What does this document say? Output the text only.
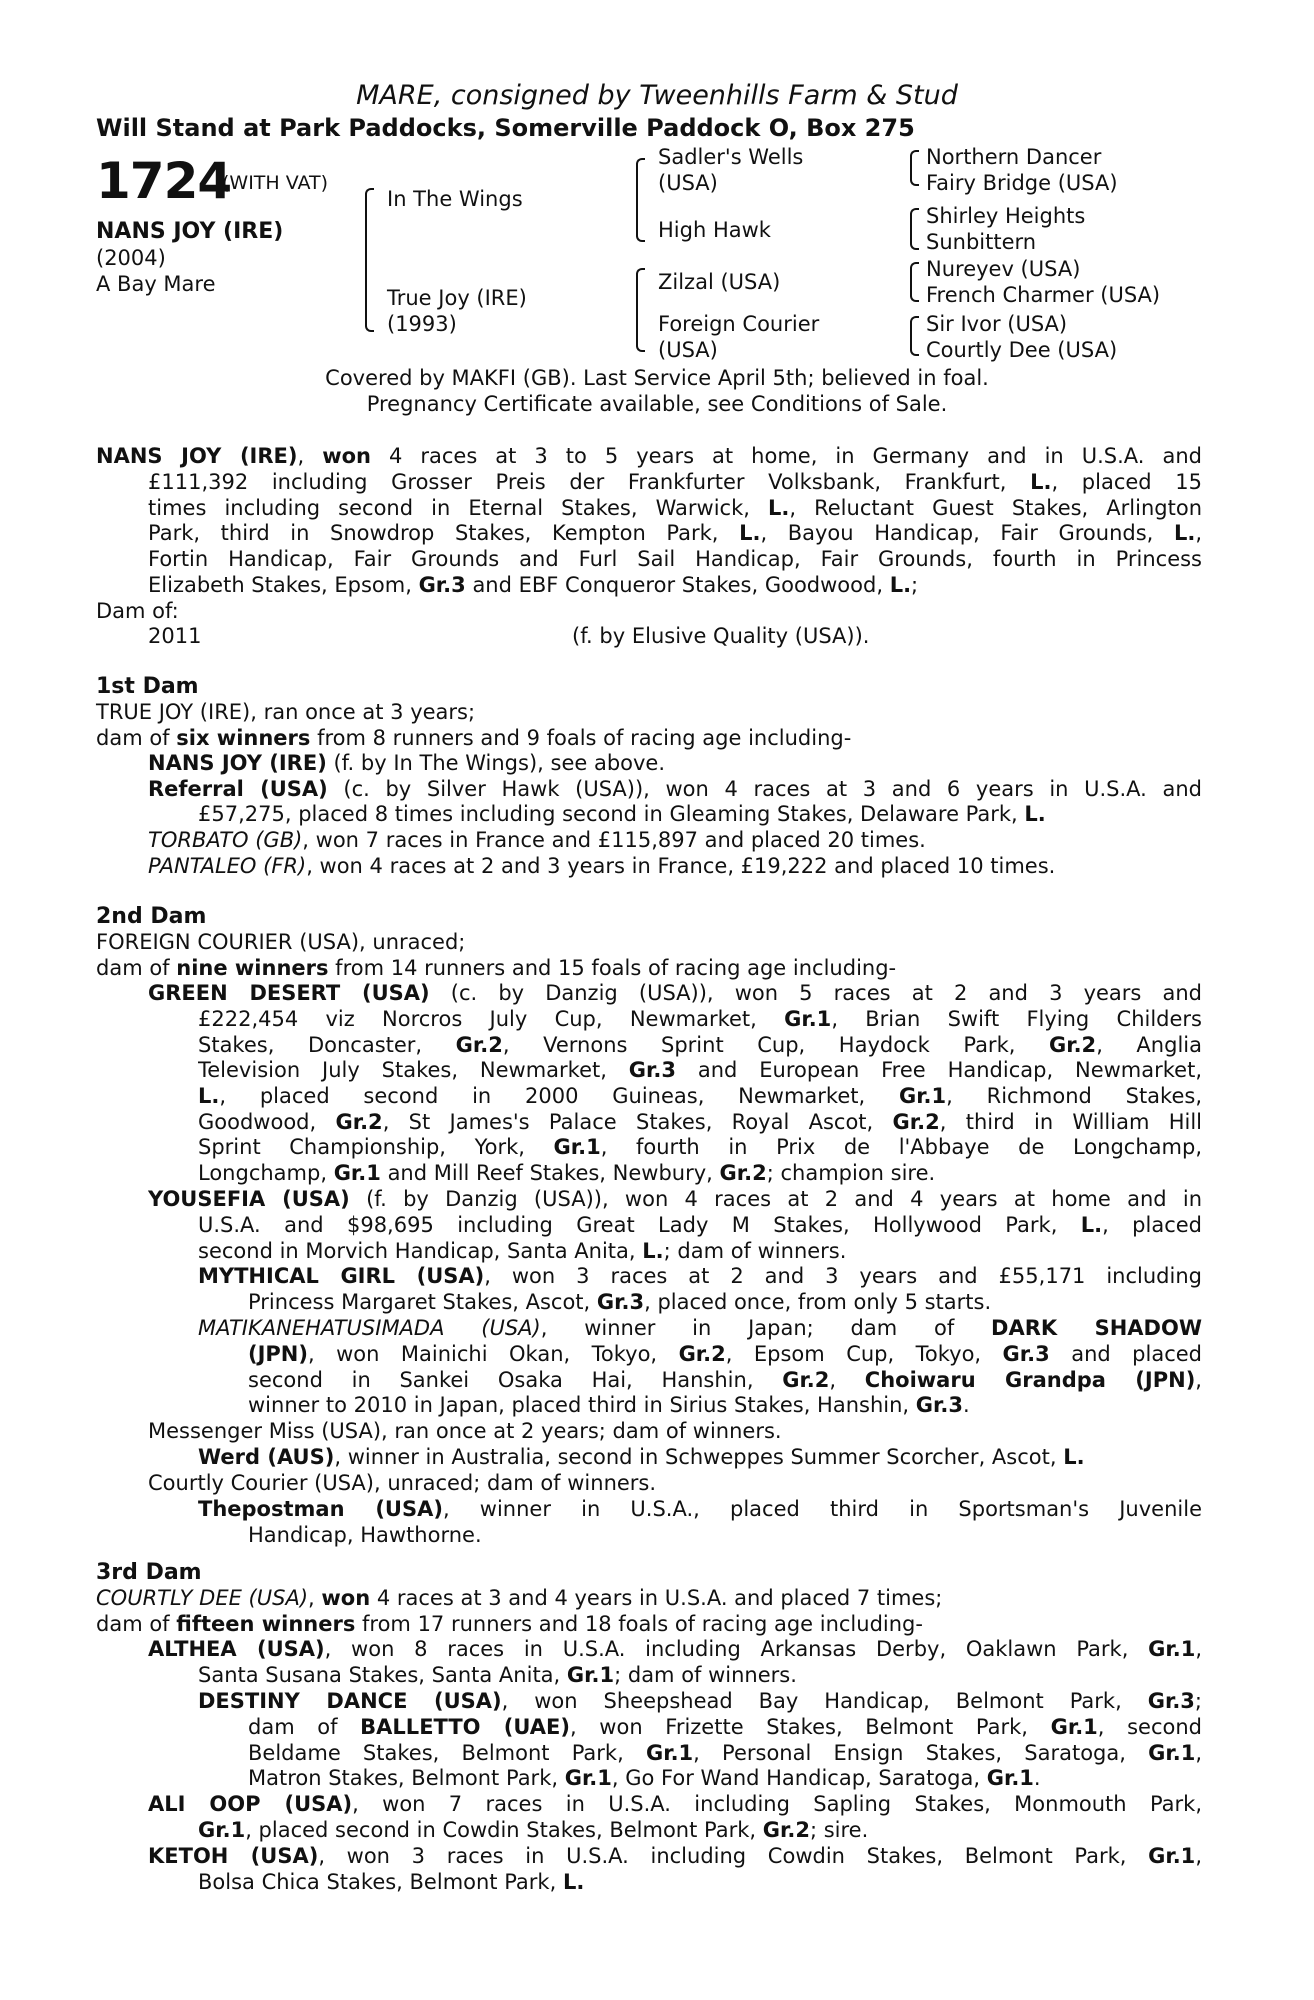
MARE, consigned by Tweenhills Farm & Stud
Will Stand at Park Paddocks, Somerville Paddock O, Box 275
1724
(WITH VAT)
NANS JOY (IRE)
(2004)
A Bay Mare
In The Wings
True Joy (IRE)
(1993)
Sadler's Wells
(USA)
High Hawk
Zilzal (USA)
Foreign Courier
(USA)
Northern Dancer
Fairy Bridge (USA)
Shirley Heights
Sunbittern
Nureyev (USA)
French Charmer (USA)
Sir Ivor (USA)
Courtly Dee (USA)
Covered by MAKFI (GB). Last Service April 5th; believed in foal.
Pregnancy Certificate available, see Conditions of Sale.
NANS JOY (IRE), won 4 races at 3 to 5 years at home, in Germany and in U.S.A. and
£111,392 including Grosser Preis der Frankfurter Volksbank, Frankfurt, L., placed 15
times including second in Eternal Stakes, Warwick, L., Reluctant Guest Stakes, Arlington
Park, third in Snowdrop Stakes, Kempton Park, L., Bayou Handicap, Fair Grounds, L.,
Fortin Handicap, Fair Grounds and Furl Sail Handicap, Fair Grounds, fourth in Princess
Elizabeth Stakes, Epsom, Gr.3 and EBF Conqueror Stakes, Goodwood, L.;
Dam of:
2011	(f. by Elusive Quality (USA)).
1st Dam
TRUE JOY (IRE), ran once at 3 years;
dam of six winners from 8 runners and 9 foals of racing age including-
NANS JOY (IRE) (f. by In The Wings), see above.
Referral (USA) (c. by Silver Hawk (USA)), won 4 races at 3 and 6 years in U.S.A. and
£57,275, placed 8 times including second in Gleaming Stakes, Delaware Park, L.
TORBATO (GB), won 7 races in France and £115,897 and placed 20 times.
PANTALEO (FR), won 4 races at 2 and 3 years in France, £19,222 and placed 10 times.
2nd Dam
FOREIGN COURIER (USA), unraced;
dam of nine winners from 14 runners and 15 foals of racing age including-
GREEN DESERT (USA) (c. by Danzig (USA)), won 5 races at 2 and 3 years and
£222,454 viz Norcros July Cup, Newmarket, Gr.1, Brian Swift Flying Childers
Stakes, Doncaster, Gr.2, Vernons Sprint Cup, Haydock Park, Gr.2, Anglia
Television July Stakes, Newmarket, Gr.3 and European Free Handicap, Newmarket,
L., placed second in 2000 Guineas, Newmarket, Gr.1, Richmond Stakes,
Goodwood, Gr.2, St James's Palace Stakes, Royal Ascot, Gr.2, third in William Hill
Sprint Championship, York, Gr.1, fourth in Prix de l'Abbaye de Longchamp,
Longchamp, Gr.1 and Mill Reef Stakes, Newbury, Gr.2; champion sire.
YOUSEFIA (USA) (f. by Danzig (USA)), won 4 races at 2 and 4 years at home and in
U.S.A. and $98,695 including Great Lady M Stakes, Hollywood Park, L., placed
second in Morvich Handicap, Santa Anita, L.; dam of winners.
MYTHICAL GIRL (USA), won 3 races at 2 and 3 years and £55,171 including
Princess Margaret Stakes, Ascot, Gr.3, placed once, from only 5 starts.
MATIKANEHATUSIMADA (USA), winner in Japan; dam of DARK SHADOW
(JPN), won Mainichi Okan, Tokyo, Gr.2, Epsom Cup, Tokyo, Gr.3 and placed
second in Sankei Osaka Hai, Hanshin, Gr.2, Choiwaru Grandpa (JPN),
winner to 2010 in Japan, placed third in Sirius Stakes, Hanshin, Gr.3.
Messenger Miss (USA), ran once at 2 years; dam of winners.
Werd (AUS), winner in Australia, second in Schweppes Summer Scorcher, Ascot, L.
Courtly Courier (USA), unraced; dam of winners.
Thepostman (USA), winner in U.S.A., placed third in Sportsman's Juvenile
Handicap, Hawthorne.
3rd Dam
COURTLY DEE (USA), won 4 races at 3 and 4 years in U.S.A. and placed 7 times;
dam of fifteen winners from 17 runners and 18 foals of racing age including-
ALTHEA (USA), won 8 races in U.S.A. including Arkansas Derby, Oaklawn Park, Gr.1,
Santa Susana Stakes, Santa Anita, Gr.1; dam of winners.
DESTINY DANCE (USA), won Sheepshead Bay Handicap, Belmont Park, Gr.3;
dam of BALLETTO (UAE), won Frizette Stakes, Belmont Park, Gr.1, second
Beldame Stakes, Belmont Park, Gr.1, Personal Ensign Stakes, Saratoga, Gr.1,
Matron Stakes, Belmont Park, Gr.1, Go For Wand Handicap, Saratoga, Gr.1.
ALI OOP (USA), won 7 races in U.S.A. including Sapling Stakes, Monmouth Park,
Gr.1, placed second in Cowdin Stakes, Belmont Park, Gr.2; sire.
KETOH (USA), won 3 races in U.S.A. including Cowdin Stakes, Belmont Park, Gr.1,
Bolsa Chica Stakes, Belmont Park, L.
